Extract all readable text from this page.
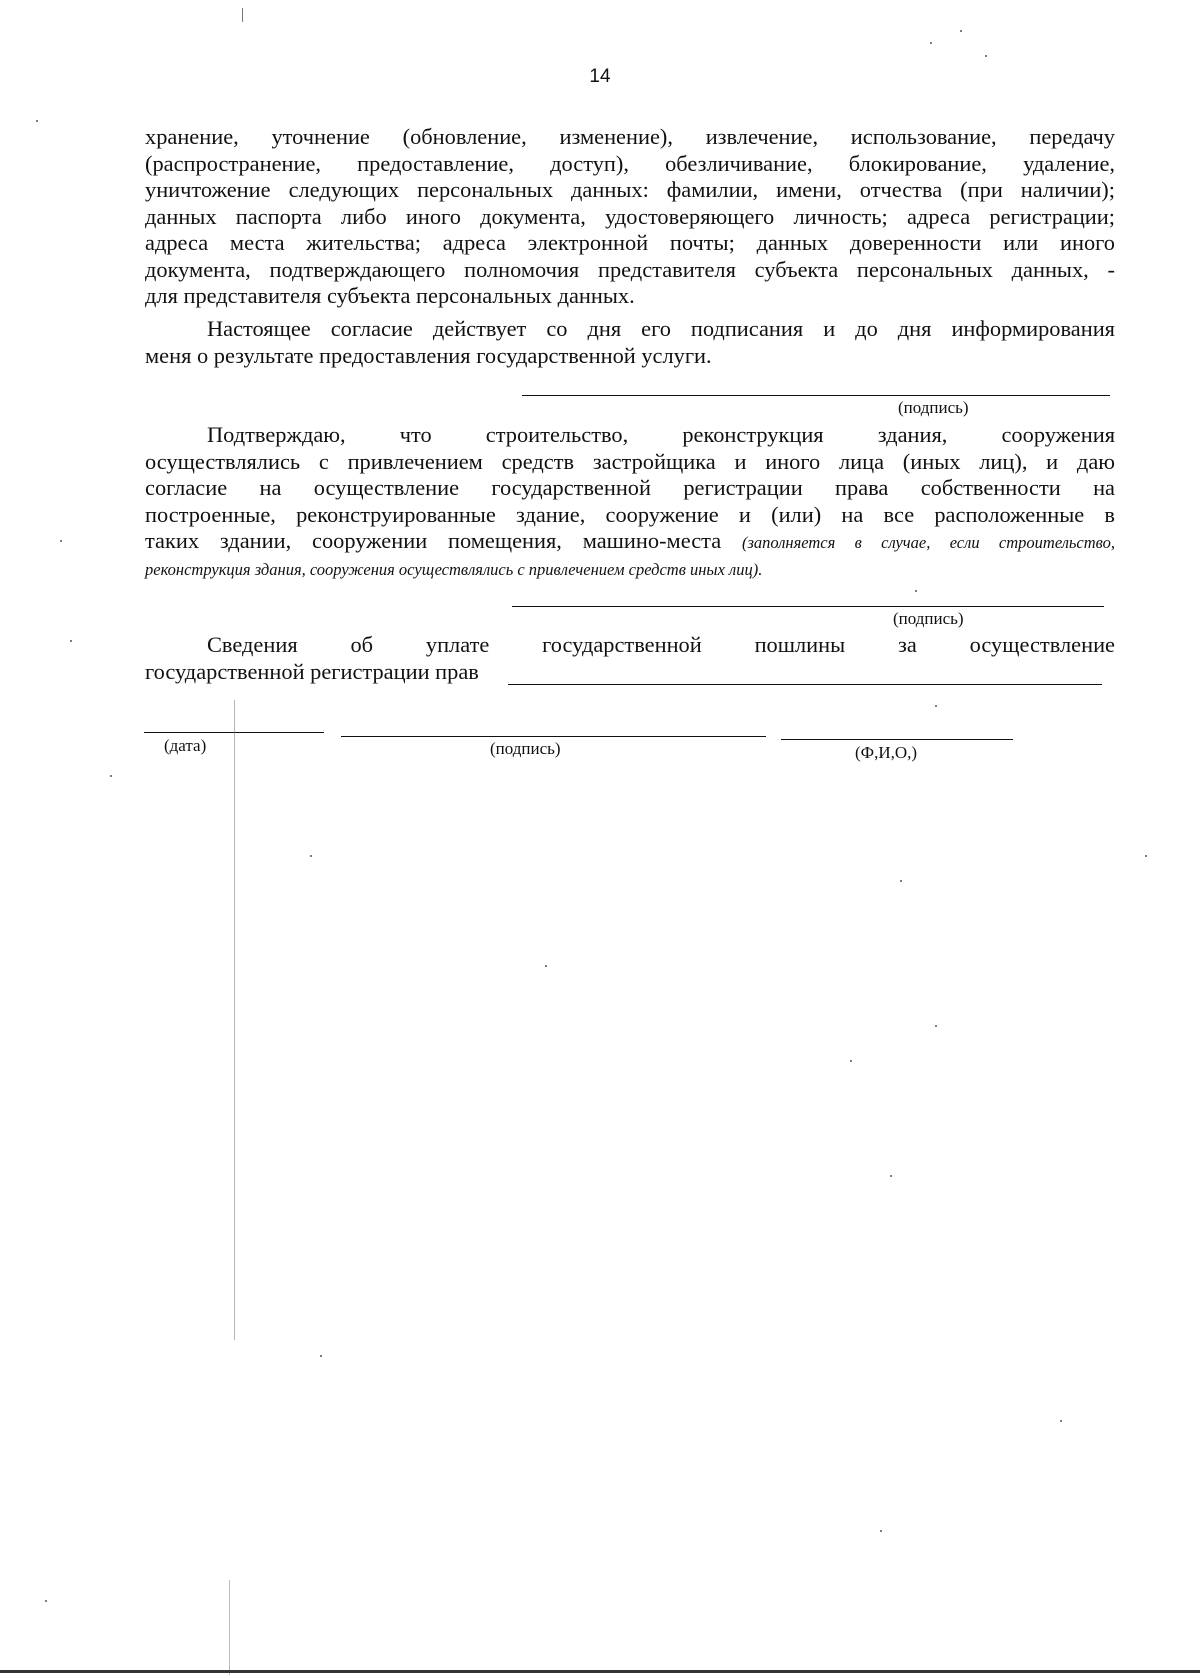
14
хранение, уточнение (обновление, изменение), извлечение, использование, передачу
(распространение, предоставление, доступ), обезличивание, блокирование, удаление,
уничтожение следующих персональных данных: фамилии, имени, отчества (при наличии);
данных паспорта либо иного документа, удостоверяющего личность; адреса регистрации;
адреса места жительства; адреса электронной почты; данных доверенности или иного
документа, подтверждающего полномочия представителя субъекта персональных данных, -
для представителя субъекта персональных данных.
Настоящее согласие действует со дня его подписания и до дня информирования
меня о результате предоставления государственной услуги.
(подпись)
Подтверждаю, что строительство, реконструкция здания, сооружения
осуществлялись с привлечением средств застройщика и иного лица (иных лиц), и даю
согласие на осуществление государственной регистрации права собственности на
построенные, реконструированные здание, сооружение и (или) на все расположенные в
таких здании, сооружении помещения, машино-места (заполняется в случае, если строительство,
реконструкция здания, сооружения осуществлялись с привлечением средств иных лиц).
(подпись)
Сведения об уплате государственной пошлины за осуществление
государственной регистрации прав
(дата)	(подпись)	(Ф,И,О,)
